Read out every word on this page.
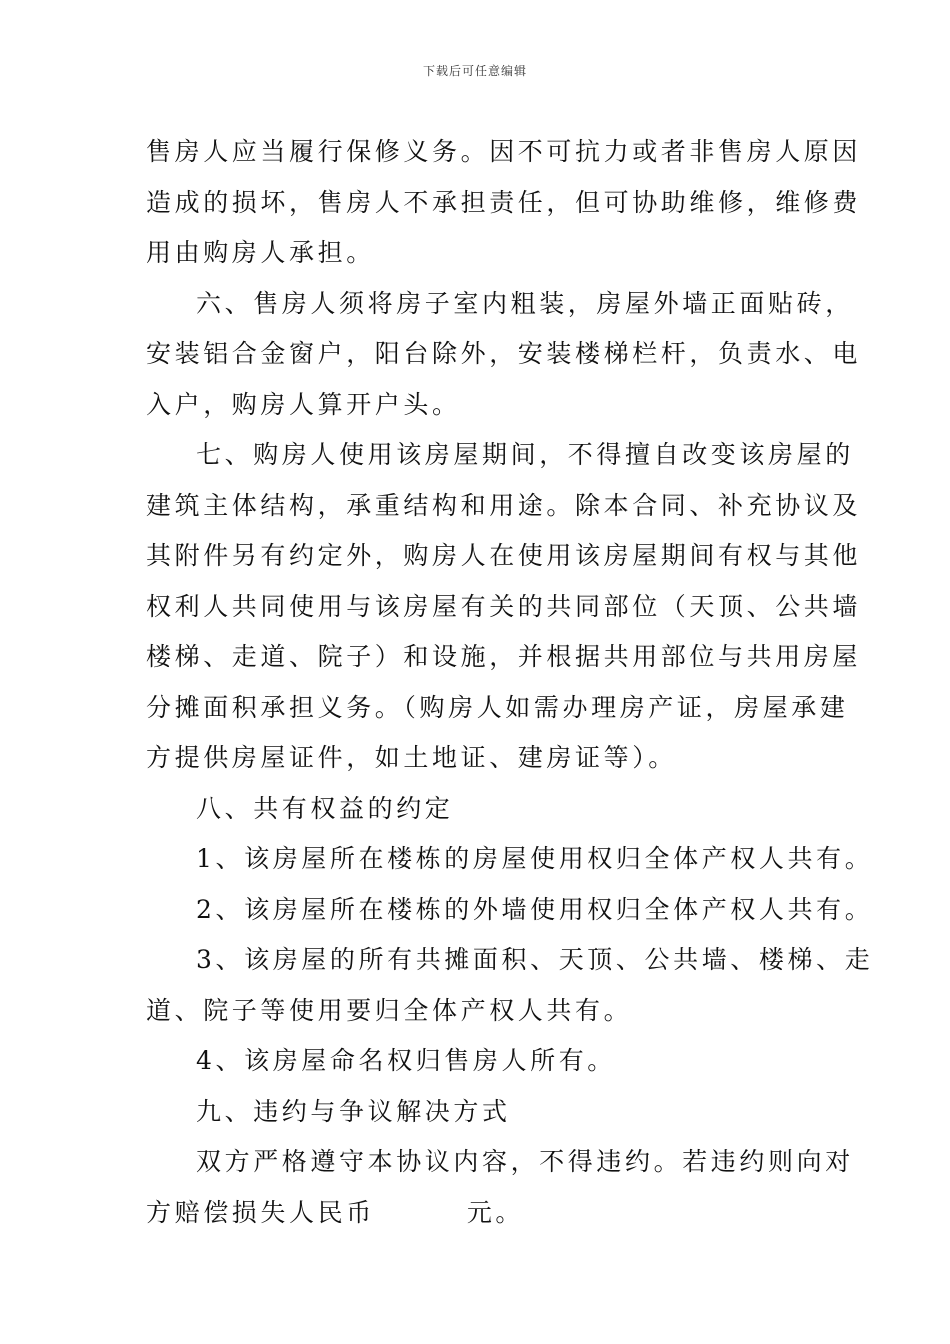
下载后可任意编辑
售房人应当履行保修义务。因不可抗力或者非售房人原因
造成的损坏，售房人不承担责任，但可协助维修，维修费
用由购房人承担。
六、售房人须将房子室内粗装，房屋外墙正面贴砖，
安装铝合金窗户，阳台除外，安装楼梯栏杆，负责水、电
入户，购房人算开户头。
七、购房人使用该房屋期间，不得擅自改变该房屋的
建筑主体结构，承重结构和用途。除本合同、补充协议及
其附件另有约定外，购房人在使用该房屋期间有权与其他
权利人共同使用与该房屋有关的共同部位（天顶、公共墙
楼梯、走道、院子）和设施，并根据共用部位与共用房屋
分摊面积承担义务。（购房人如需办理房产证，房屋承建
方提供房屋证件，如土地证、建房证等）。
八、共有权益的约定
1、该房屋所在楼栋的房屋使用权归全体产权人共有。
2、该房屋所在楼栋的外墙使用权归全体产权人共有。
3、该房屋的所有共摊面积、天顶、公共墙、楼梯、走
道、院子等使用要归全体产权人共有。
4、该房屋命名权归售房人所有。
九、违约与争议解决方式
双方严格遵守本协议内容，不得违约。若违约则向对
方赔偿损失人民币	元。
